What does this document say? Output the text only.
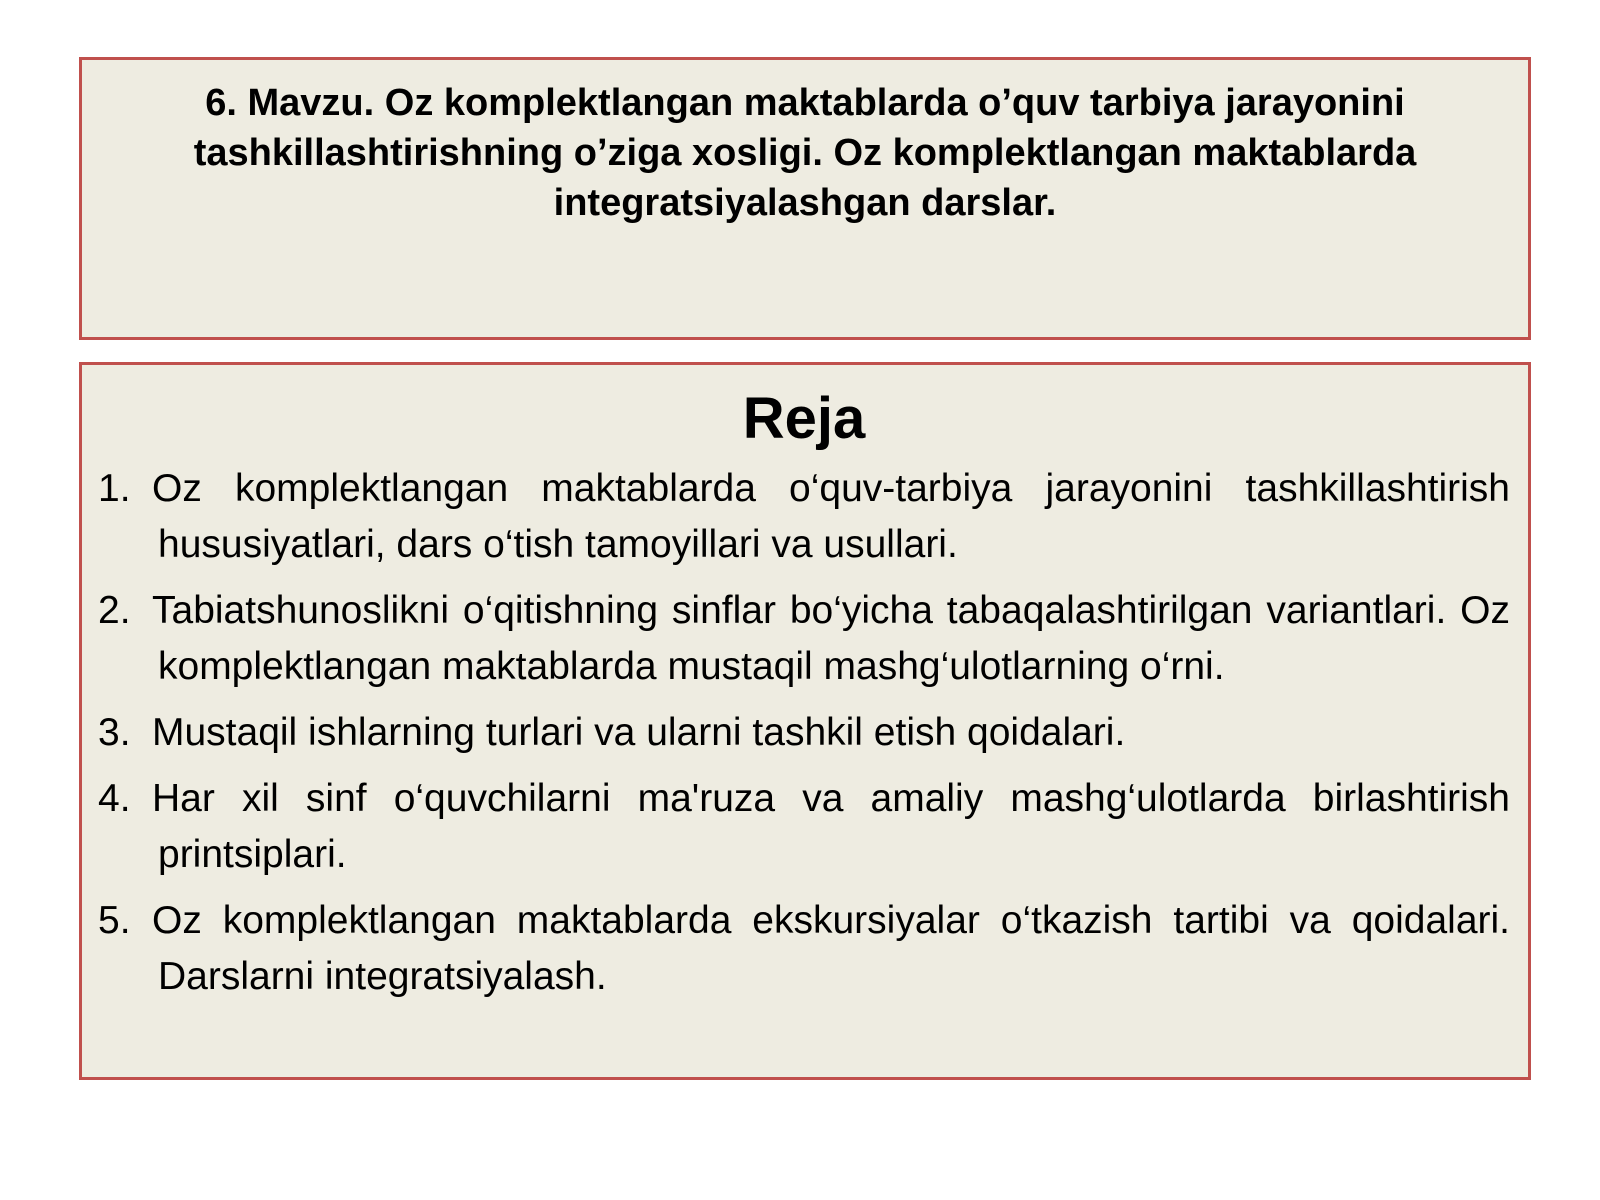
6. Mavzu. Oz komplektlangan maktablarda o’quv tarbiya jarayonini tashkillashtirishning o’ziga xosligi. Oz komplektlangan maktablarda integratsiyalashgan darslar.
Reja
1. Oz komplektlangan maktablarda o‘quv-tarbiya jarayonini tashkillashtirish hususiyatlari, dars o‘tish tamoyillari va usullari.
2. Tabiatshunoslikni o‘qitishning sinflar bo‘yicha tabaqalashtirilgan variantlari. Oz komplektlangan maktablarda mustaqil mashg‘ulotlarning o‘rni.
3. Mustaqil ishlarning turlari va ularni tashkil etish qoidalari.
4. Har xil sinf o‘quvchilarni ma'ruza va amaliy mashg‘ulotlarda birlashtirish printsiplari.
5. Oz komplektlangan maktablarda ekskursiyalar o‘tkazish tartibi va qoidalari. Darslarni integratsiyalash.
